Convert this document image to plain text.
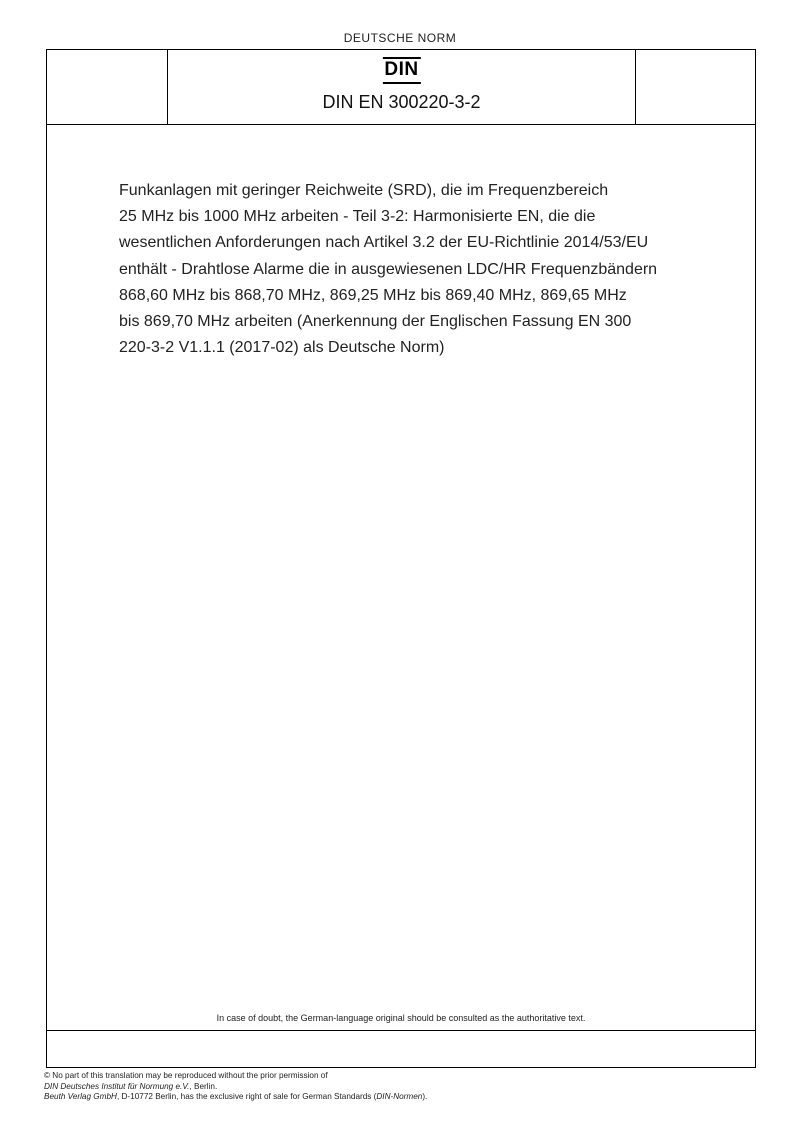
DEUTSCHE NORM
DIN
DIN EN 300220-3-2
Funkanlagen mit geringer Reichweite (SRD), die im Frequenzbereich
25 MHz bis 1000 MHz arbeiten - Teil 3-2: Harmonisierte EN, die die
wesentlichen Anforderungen nach Artikel 3.2 der EU-Richtlinie 2014/53/EU
enthält - Drahtlose Alarme die in ausgewiesenen LDC/HR Frequenzbändern
868,60 MHz bis 868,70 MHz, 869,25 MHz bis 869,40 MHz, 869,65 MHz
bis 869,70 MHz arbeiten (Anerkennung der Englischen Fassung EN 300
220-3-2 V1.1.1 (2017-02) als Deutsche Norm)
In case of doubt, the German-language original should be consulted as the authoritative text.
© No part of this translation may be reproduced without the prior permission of
DIN Deutsches Institut für Normung e.V., Berlin.
Beuth Verlag GmbH, D-10772 Berlin, has the exclusive right of sale for German Standards (DIN-Normen).
